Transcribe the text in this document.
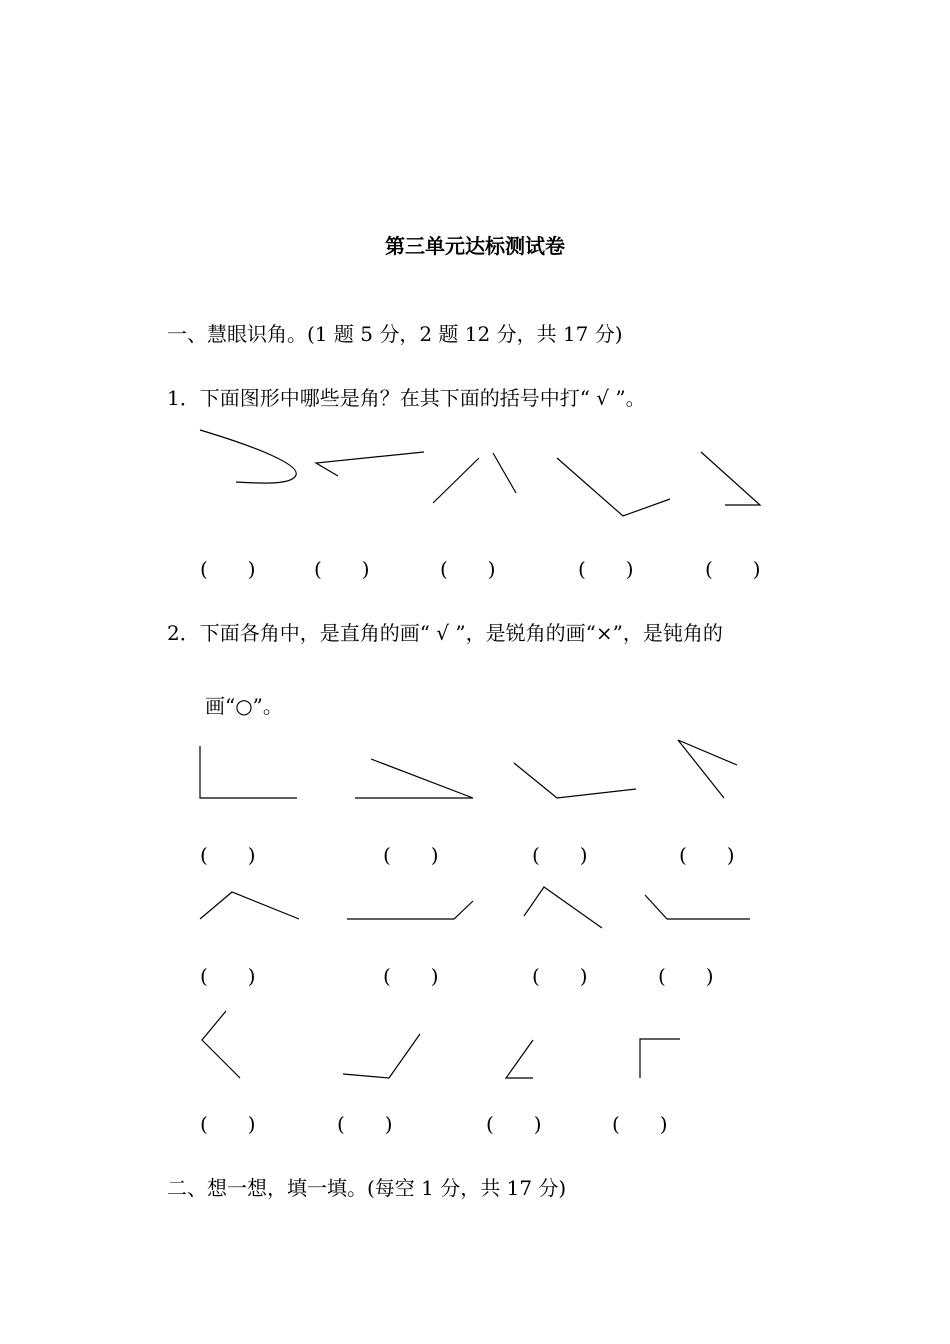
第三单元达标测试卷
一、慧眼识角。(1 题 5 分，2 题 12 分，共 17 分)
1．下面图形中哪些是角？在其下面的括号中打“ √ ”。
(　　)	(　　)	(　　)	(　　)	(　　)
2．下面各角中，是直角的画“ √ ”，是锐角的画“×”，是钝角的
画“○”。
(　　)	(　　)	(　　)	(　　)
(　　)	(　　)	(　　)	(　　)
(　　)	(　　)	(　　)	(　　)
二、想一想，填一填。(每空 1 分，共 17 分)
